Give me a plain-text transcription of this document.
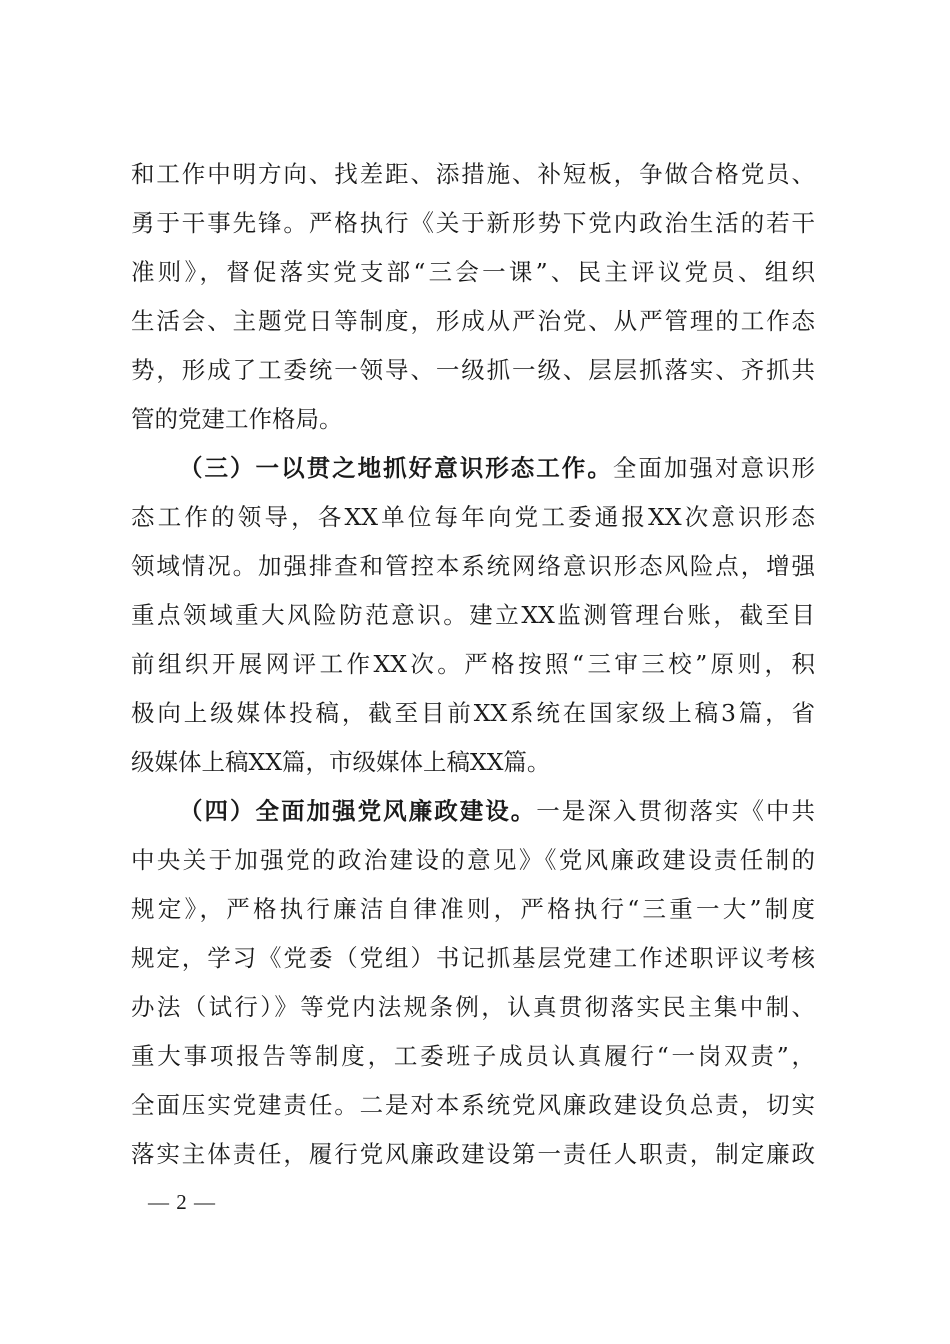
和工作中明方向、找差距、添措施、补短板，争做合格党员、
勇于干事先锋。严格执行《关于新形势下党内政治生活的若干
准则》，督促落实党支部“三会一课”、民主评议党员、组织
生活会、主题党日等制度，形成从严治党、从严管理的工作态
势，形成了工委统一领导、一级抓一级、层层抓落实、齐抓共
管的党建工作格局。
（三）一以贯之地抓好意识形态工作。全面加强对意识形
态工作的领导，各XX单位每年向党工委通报XX次意识形态
领域情况。加强排查和管控本系统网络意识形态风险点，增强
重点领域重大风险防范意识。建立XX监测管理台账，截至目
前组织开展网评工作XX次。严格按照“三审三校”原则，积
极向上级媒体投稿，截至目前XX系统在国家级上稿3篇，省
级媒体上稿XX篇，市级媒体上稿XX篇。
（四）全面加强党风廉政建设。一是深入贯彻落实《中共
中央关于加强党的政治建设的意见》《党风廉政建设责任制的
规定》，严格执行廉洁自律准则，严格执行“三重一大”制度
规定，学习《党委（党组）书记抓基层党建工作述职评议考核
办法（试行）》等党内法规条例，认真贯彻落实民主集中制、
重大事项报告等制度，工委班子成员认真履行“一岗双责”，
全面压实党建责任。二是对本系统党风廉政建设负总责，切实
落实主体责任，履行党风廉政建设第一责任人职责，制定廉政
— 2 —
